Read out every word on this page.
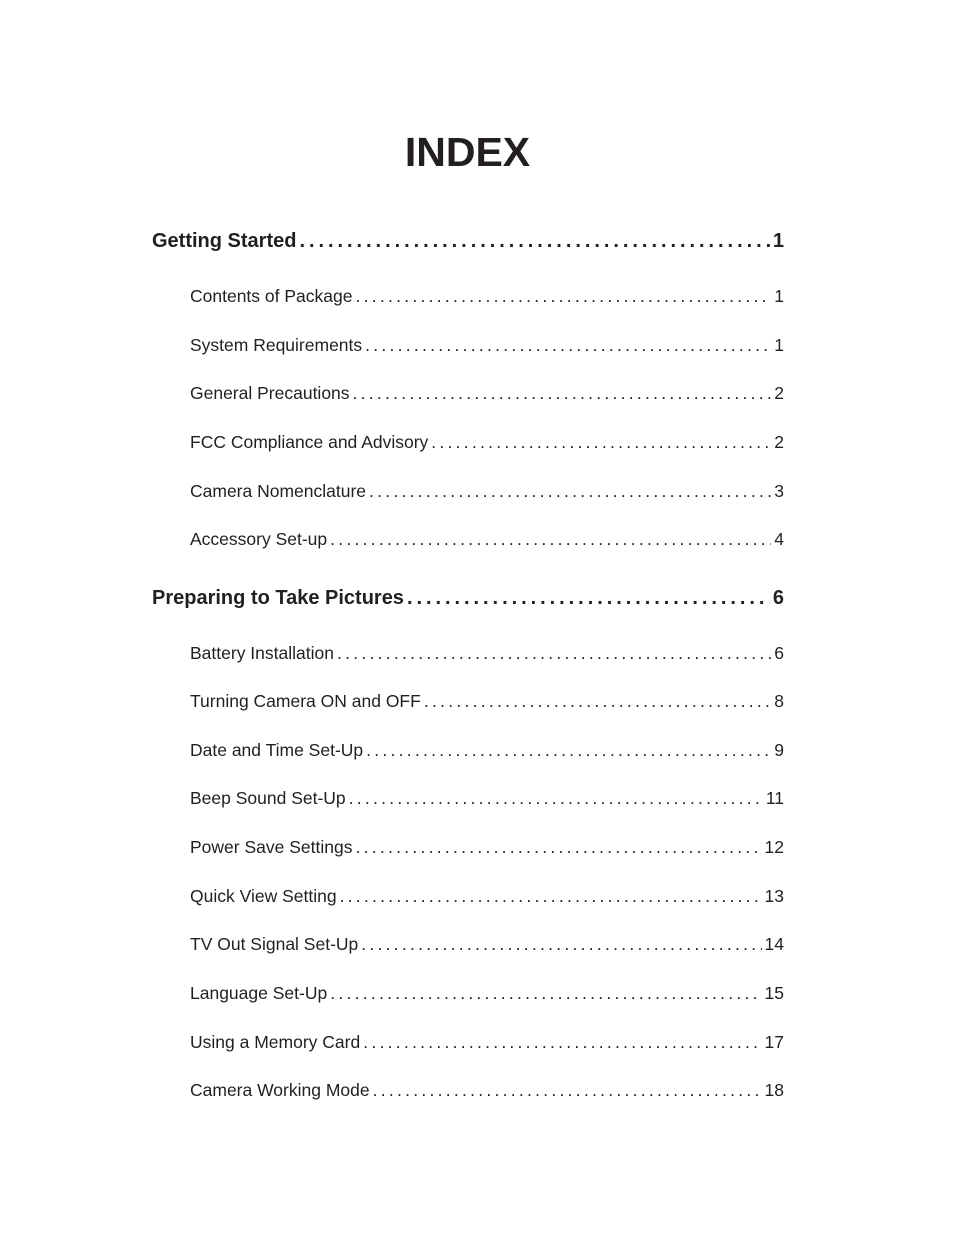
INDEX
Getting Started . . .	1
Contents of Package . . .	1
System Requirements . . .	1
General Precautions . . .	2
FCC Compliance and Advisory . . .	2
Camera Nomenclature . . .	3
Accessory Set-up . . .	4
Preparing to Take Pictures . . .	6
Battery Installation . . .	6
Turning Camera ON and OFF . . .	8
Date and Time Set-Up . . .	9
Beep Sound Set-Up . . .	11
Power Save Settings . . .	12
Quick View Setting . . .	13
TV Out Signal Set-Up . . .	14
Language Set-Up . . .	15
Using a Memory Card . . .	17
Camera Working Mode . . .	18
